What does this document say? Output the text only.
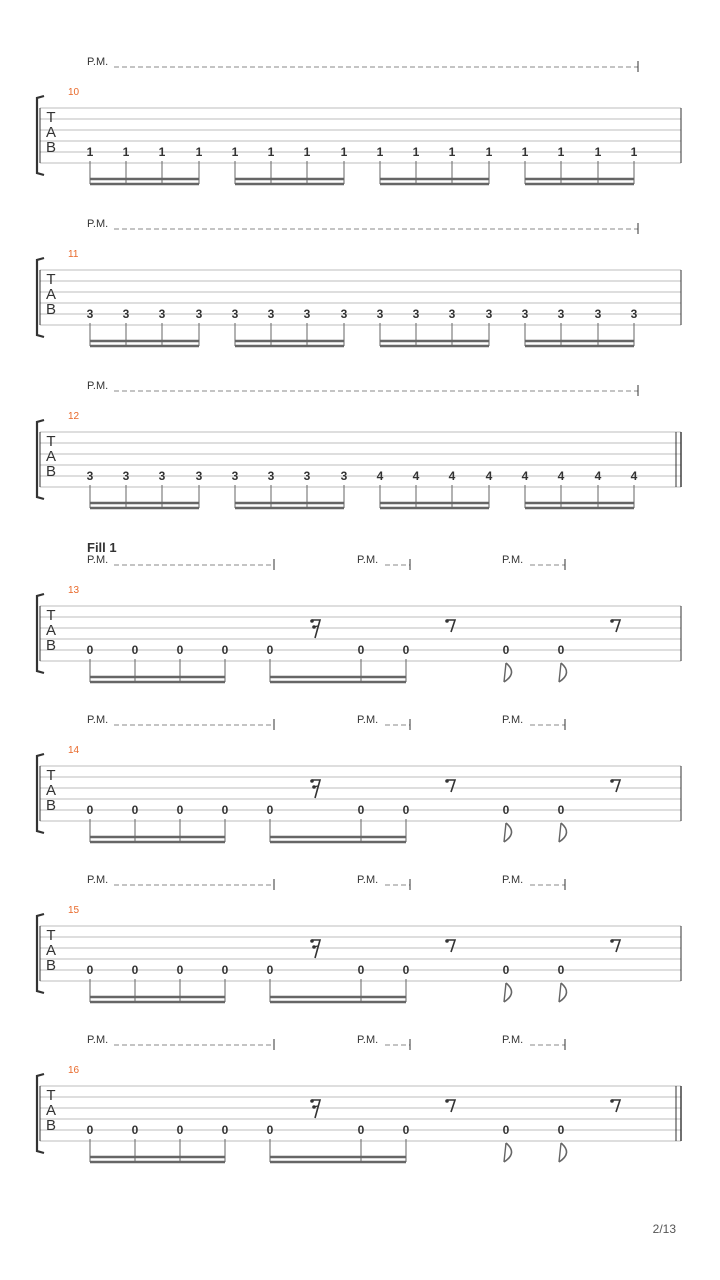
T
A
B
10
1 1 1	1 1 1 1	1 1 1 1	1 1 1	1 1
P.M.
T
A
B
11
3 3 3	3 3 3 3	3 3 3 3	3 3 3	3 3
P.M.
T
A
B
12
3 3 3	3 3 3 3	3 4 4 4	4 4 4	4 4
P.M.
T
A
B
13
Fill 1
0	0	0	0	0	0	0	0	0
P.M.	P.M.	P.M.
T
A
B
14
0	0	0	0	0	0	0	0	0
P.M.	P.M.	P.M.
T
A
B
15
0	0	0	0	0	0	0	0	0
P.M.	P.M.	P.M.
T
A
B
16
0	0	0	0	0	0	0	0	0
P.M.	P.M.	P.M.
2/13
